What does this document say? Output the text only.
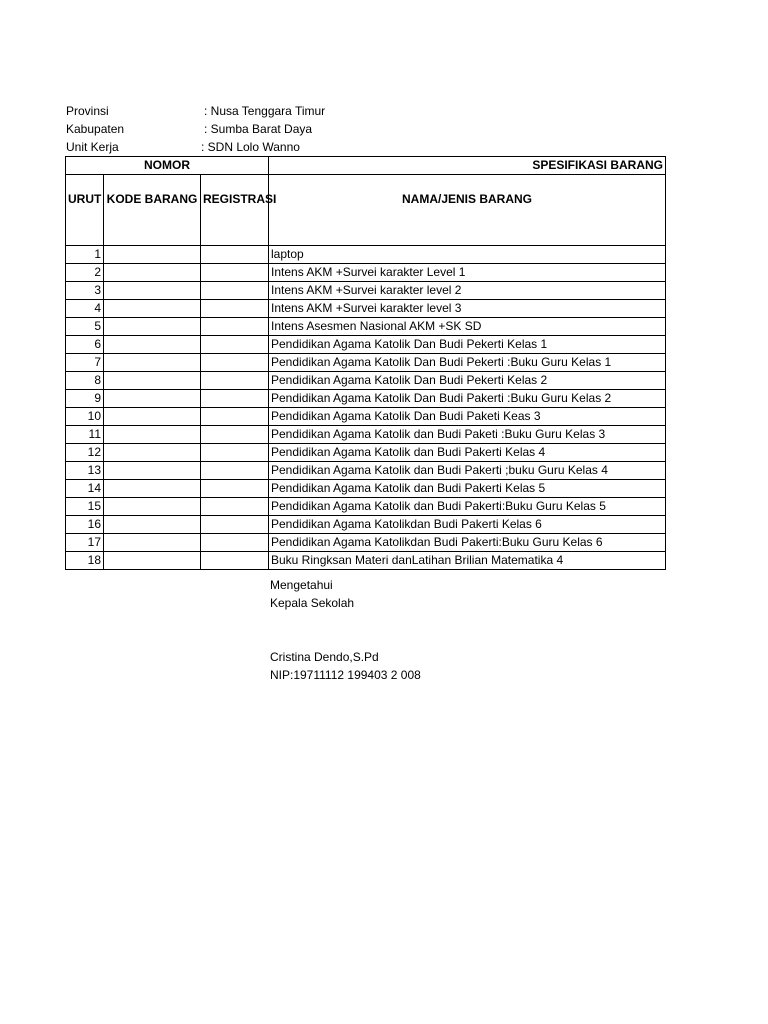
Provinsi	: Nusa Tenggara Timur
Kabupaten	: Sumba Barat Daya
Unit Kerja	: SDN Lolo Wanno
NOMOR			SPESIFIKASI BARANG
URUT	KODE BARANG	REGISTRASI	NAMA/JENIS BARANG
1			laptop
2			Intens AKM +Survei karakter Level 1
3			Intens AKM +Survei karakter level 2
4			Intens AKM +Survei karakter level 3
5			Intens Asesmen Nasional AKM +SK SD
6			Pendidikan Agama Katolik Dan Budi Pekerti Kelas 1
7			Pendidikan Agama Katolik Dan Budi Pekerti :Buku Guru Kelas 1
8			Pendidikan Agama Katolik Dan Budi Pekerti Kelas 2
9			Pendidikan Agama Katolik Dan Budi Pakerti :Buku Guru Kelas 2
10			Pendidikan Agama Katolik Dan Budi Paketi Keas 3
11			Pendidikan Agama Katolik dan Budi Paketi :Buku Guru Kelas 3
12			Pendidikan Agama Katolik dan Budi Pakerti Kelas 4
13			Pendidikan Agama Katolik dan Budi Pakerti ;buku Guru Kelas 4
14			Pendidikan Agama Katolik dan Budi Pakerti Kelas 5
15			Pendidikan Agama Katolik dan Budi Pakerti:Buku Guru Kelas 5
16			Pendidikan Agama Katolikdan Budi Pakerti Kelas 6
17			Pendidikan Agama Katolikdan Budi Pakerti:Buku Guru Kelas 6
18			Buku Ringksan Materi danLatihan Brilian Matematika 4
Mengetahui
Kepala Sekolah
Cristina Dendo,S.Pd
NIP:19711112 199403 2 008
